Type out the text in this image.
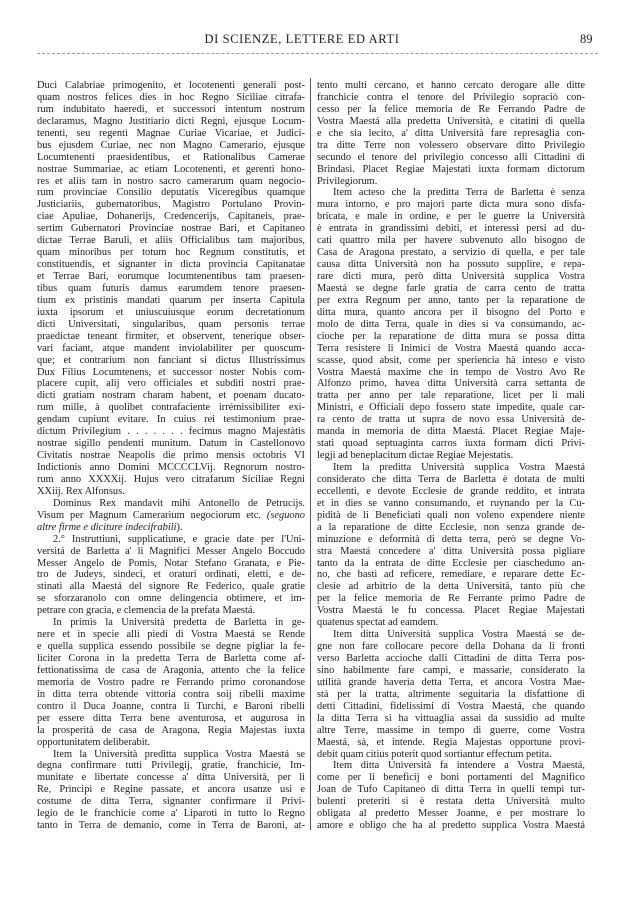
DI SCIENZE, LETTERE ED ARTI	89
Duci Calabriae primogenito, et locotenenti generali post-
quam nostros felices dies in hoc Regno Siciliae citrafa-
rum indubitato haeredi, et successori intentum nostrum
declaramus, Magno Justitiario dicti Regni, ejusque Locum-
tenenti, seu regenti Magnae Curiae Vicariae, et Judici-
bus ejusdem Curiae, nec non Magno Camerario, ejusque
Locumtenenti praesidentibus, et Rationalibus Camerae
nostrae Summariae, ac etiam Locotenenti, et gerenti hono-
res et aliis tam in nostro sacro camerarum quam negocio-
rum provinciae Consilio deputatis Viceregibus quamque
Justiciariis, gubernatoribus, Magistro Portulano Provin-
ciae Apuliae, Dohanerijs, Credencerijs, Capitaneis, prae-
sertim Gubernatori Provinciae nostrae Bari, et Capitaneo
dictae Terrae Baruli, et aliis Officialibus tam majoribus,
quam minoribus per totum hoc Regnum constitutis, et
constituendis, et signanter in dicta provincia Capitanatae
et Terrae Bari, eorumque locumtenentibus tam praesen-
tibus quam futuris damus earumdem tenore praesen-
tium ex pristinis mandati quarum per inserta Capitula
iuxta ipsorum et uniuscuiusque eorum decretationum
dicti Universitati, singularibus, quam personis terrae
praedictae teneant firmiter, et observent, tenerique obser-
vari faciant, atque mandent inviolabiliter per quoscum-
que; et contrarium non fanciant si dictus Illustrissimus
Dux Filius Locumtenens, et successor noster Nobis com-
placere cupit, alij vero officiales et subditi nostri prae-
dicti gratiam nostram charam habent, et poenam ducato-
rum mille, à quolibet contrafaciente irrémissibiliter exi-
gendam cupiunt evitare. In cuius rei testimonium prae-
dictum Privilegium . . . . . . . fecimus magno Majestàtis
nostrae sigillo pendenti munitum. Datum in Castellonovo
Civitatis nostrae Neapolis die primo mensis octobris VI
Indictionis anno Domini MCCCCLVij. Regnorum nostro-
rum anno XXXXij. Hujus vero citrafarum Siciliae Regni
XXiij. Rex Alfonsus.
Dominus Rex mandavit mihi Antonello de Petrucijs.
Visum per Magnum Camerarium negociorum etc. (seguono
altre firme e diciture indecifrabili).
2.° Instruttiuni, supplicatiune, e gracie date per l'Uni-
versitá de Barletta a' li Magnifici Messer Angelo Boccudo
Messer Angelo de Pomis, Notar Stefano Granata, e Pie-
tro de Judeys, sindeci, et oraturi ordinati, eletti, e de-
stinati alla Maestá del signore Re Federico, quale gratie
se sforzaranolo con omne delingencia obtimere, et im-
petrare con gracia, e clemencia de la prefata Maestá.
In primis la Università predetta de Barletta in ge-
nere et in specie alli piedi di Vostra Maestá se Rende
e quella supplica essendo possibile se degne pigliar la fe-
liciter Corona in la predetta Terra de Barletta come af-
fettionatissima de casa de Aragonia, attento che la felice
memoria de Vostro padre re Ferrando primo coronandose
in ditta terra obtende vittoria contra soij ribelli maxime
contro il Duca Joanne, contra li Turchi, e Baroni ribelli
per essere ditta Terra bene aventurosa, et augurosa in
la prosperità de casa de Aragona. Regia Majestas iuxta
opportunitatem deliberabit.
Item la Università preditta supplica Vostra Maestá se
degna confirmare tutti Privilegij, gratie, franchicie, Im-
munitate e libertate concesse a' ditta Università, per li
Re, Principi e Regine passate, et ancora usanze usi e
costume de ditta Terra, signanter confirmare il Privi-
legio de le franchicie come a' Liparoti in tutto lo Regno
tanto in Terra de demanio, come in Terra de Baroni, at-
tento multi cercano, et hanno cercato derogare alle ditte
franchicie contra el tenore del Privilegio sopraciò con-
cesso per la felice memoria de Re Ferrando Padre de
Vostra Maestá alla predetta Università, e citatini di quella
e che sia lecito, a' ditta Università fare represaglia con-
tra ditte Terre non volessero observare ditto Privilegio
secundo el tenore del privilegio concesso alli Cittadini di
Brindasi. Placet Regiae Majestati iuxta formam dictorum
Privilegiorum.
Item acteso che la preditta Terra de Barletta è senza
mura intorno, e pro majori parte dicta mura sono disfa-
bricata, e male in ordine, e per le guerre la Università
è entrata in grandissimi debiti, et interessi persi ad du-
cati quattro mila per havere subvenuto allo bisogno de
Casa de Aragona prestato, a servizio di quella, e per tale
causa ditta Università non ha possuto supplire, e repa-
rare dicti mura, però ditta Università supplica Vostra
Maestá se degne farle gratia de carra cento de tratta
per extra Regnum per anno, tanto per la reparatione de
ditta mura, quanto ancora per il bisogno del Porto e
molo de ditta Terra, quale in dies si va consumando, ac-
cioche per la reparatione de ditta mura se possa ditta
Terra resistere li Inimici de Vostra Maestá quando acca-
scasse, quod absit, come per speriencia hà inteso e visto
Vostra Maestá maxime che in tempo de Vostro Avo Re
Alfonzo primo, havea ditta Università carra settanta de
tratta per anno per tale reparatione, licet per li mali
Ministri, e Officiali depo fossero state impedite, quale car-
ra cento de tratta ut supra de novo essa Università de-
manda in memoria de ditta Maestá. Placet Regiae Maje-
stati quoad septuaginta carros iuxta formam dicti Privi-
legji ad beneplacitum dictae Regiae Mejestatis.
Item la preditta Università supplica Vostra Maestá
considerato che ditta Terra de Barletta è dotata de multi
eccellenti, e devote Ecclesie de grande reddito, et intrata
et in dies se vanno consumando, et ruynando per la Cu-
pidità de li Beneficiati quali non voleno expendere niente
a la reparatione de ditte Ecclesie, non senza grande de-
minuzione e deformità di detta terra, però se degne Vo-
stra Maestá concedere a' ditta Università possa pigliare
tanto da la entrata de ditte Ecclesie per ciascheduno an-
no, che basti ad reficere, remediare, e reparare dette Ec-
clesie ad arbitrio de la detta Università, tanto più che
per la felice memoria de Re Ferrante primo Padre de
Vostra Maestá le fu concessa. Placet Regiae Majestati
quatenus spectat ad eamdem.
Item ditta Università supplica Vostra Maestá se de-
gne non fare collocare pecore della Dohana da li fronti
verso Barletta accioche dalli Cittadini de ditta Terra pos-
sino habilmente fare campi, e massarie, considerato la
utilità grande haveria detta Terra, et ancora Vostra Mae-
stá per la tratta, altrimente seguitaria la disfattione di
detti Cittadini, fidelissimi di Vostra Maestá, che quando
la ditta Terra si ha vittuaglia assai da sussidio ad multe
altre Terre, massime in tempo di guerre, come Vostra
Maestá, sà, et intende. Regia Majestas opportune provi-
debit quam citius poterit quod sortiantur effectum petita.
Item ditta Università fa intendere a Vostra Maestá,
come per li beneficij e boni portamenti del Magnifico
Joan de Tufo Capitaneo di ditta Terra in quelli tempi tur-
bulenti preteriti si è restata detta Università multo
obligata al predetto Messer Joanne, e per mostrare lo
amore e obligo che ha al predetto supplica Vostra Maestá
